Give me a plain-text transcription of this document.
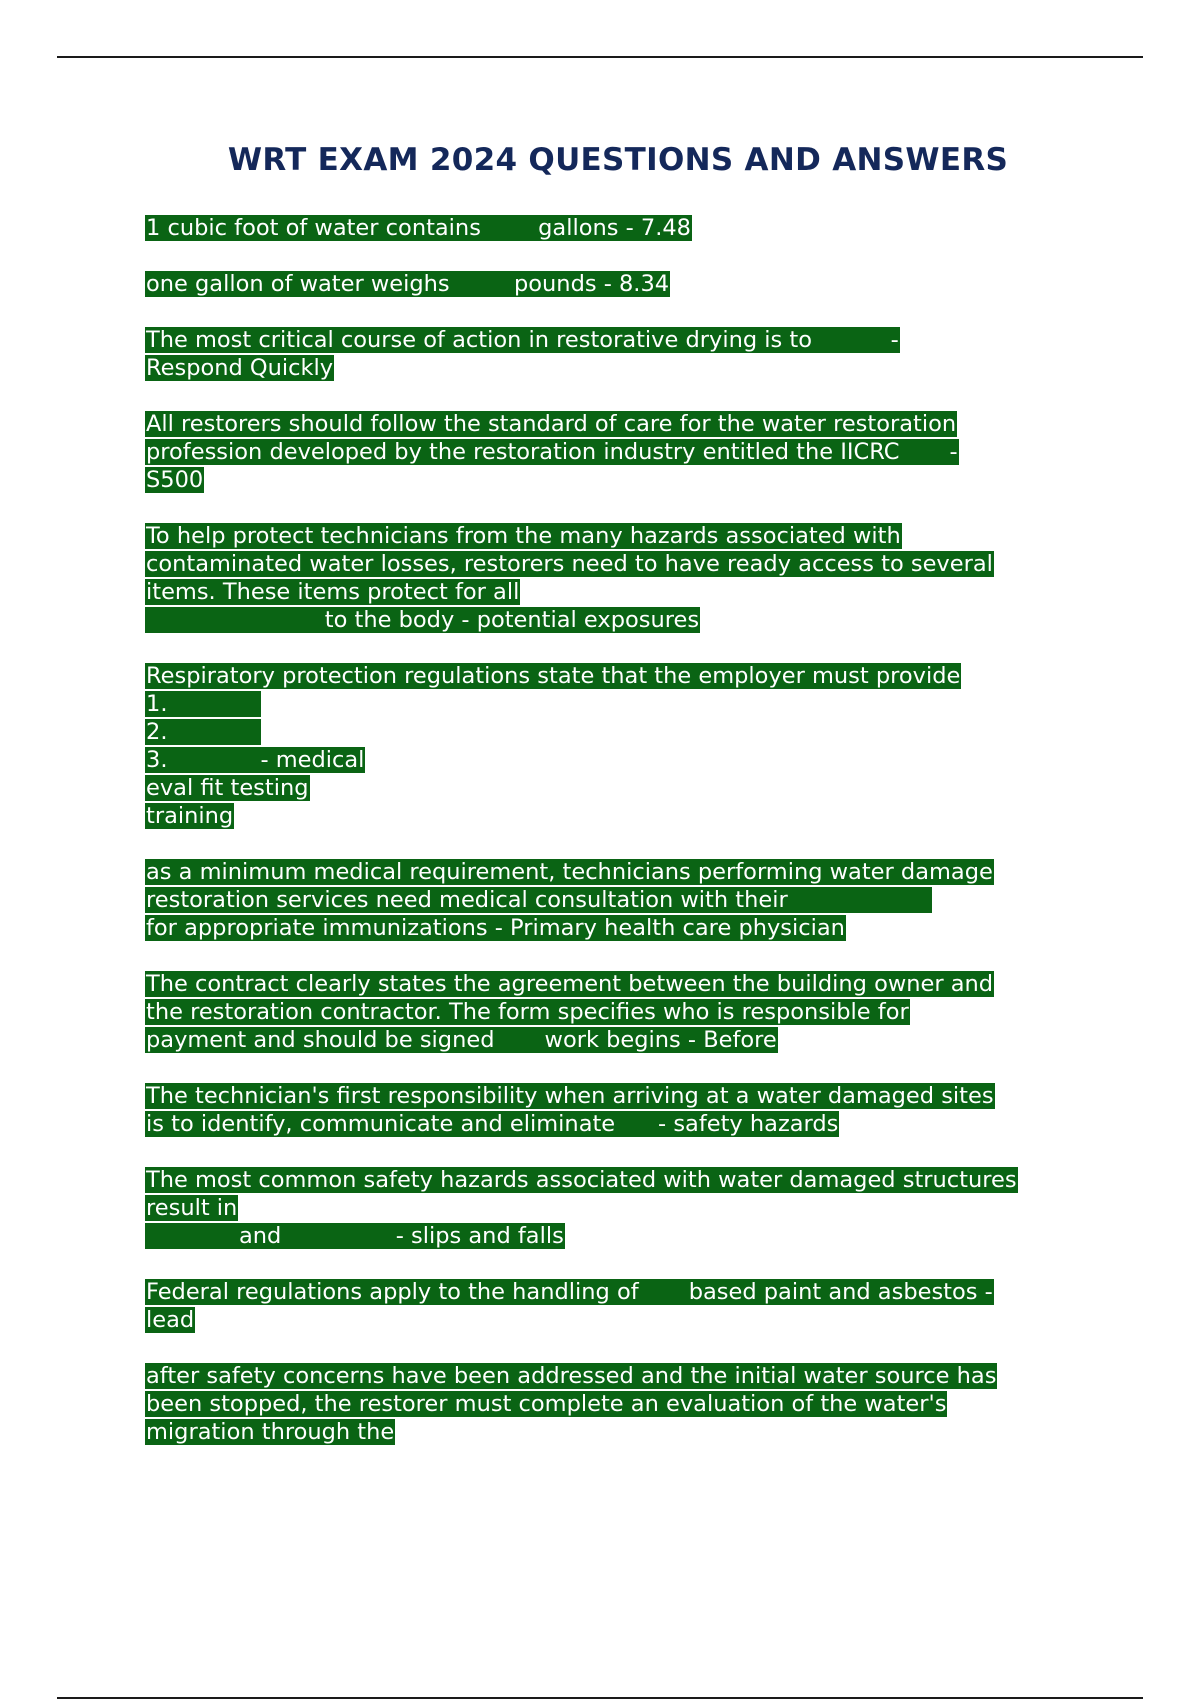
WRT EXAM 2024 QUESTIONS AND ANSWERS
1 cubic foot of water contains        gallons - 7.48
one gallon of water weighs         pounds - 8.34
The most critical course of action in restorative drying is to           -
Respond Quickly
All restorers should follow the standard of care for the water restoration
profession developed by the restoration industry entitled the IICRC       -
S500
To help protect technicians from the many hazards associated with
contaminated water losses, restorers need to have ready access to several
items. These items protect for all
to the body - potential exposures
Respiratory protection regulations state that the employer must provide
1.
2.
3.             - medical
eval fit testing
training
as a minimum medical requirement, technicians performing water damage
restoration services need medical consultation with their
for appropriate immunizations - Primary health care physician
The contract clearly states the agreement between the building owner and
the restoration contractor. The form specifies who is responsible for
payment and should be signed       work begins - Before
The technician's first responsibility when arriving at a water damaged sites
is to identify, communicate and eliminate      - safety hazards
The most common safety hazards associated with water damaged structures
result in
and                - slips and falls
Federal regulations apply to the handling of       based paint and asbestos -
lead
after safety concerns have been addressed and the initial water source has
been stopped, the restorer must complete an evaluation of the water's
migration through the
